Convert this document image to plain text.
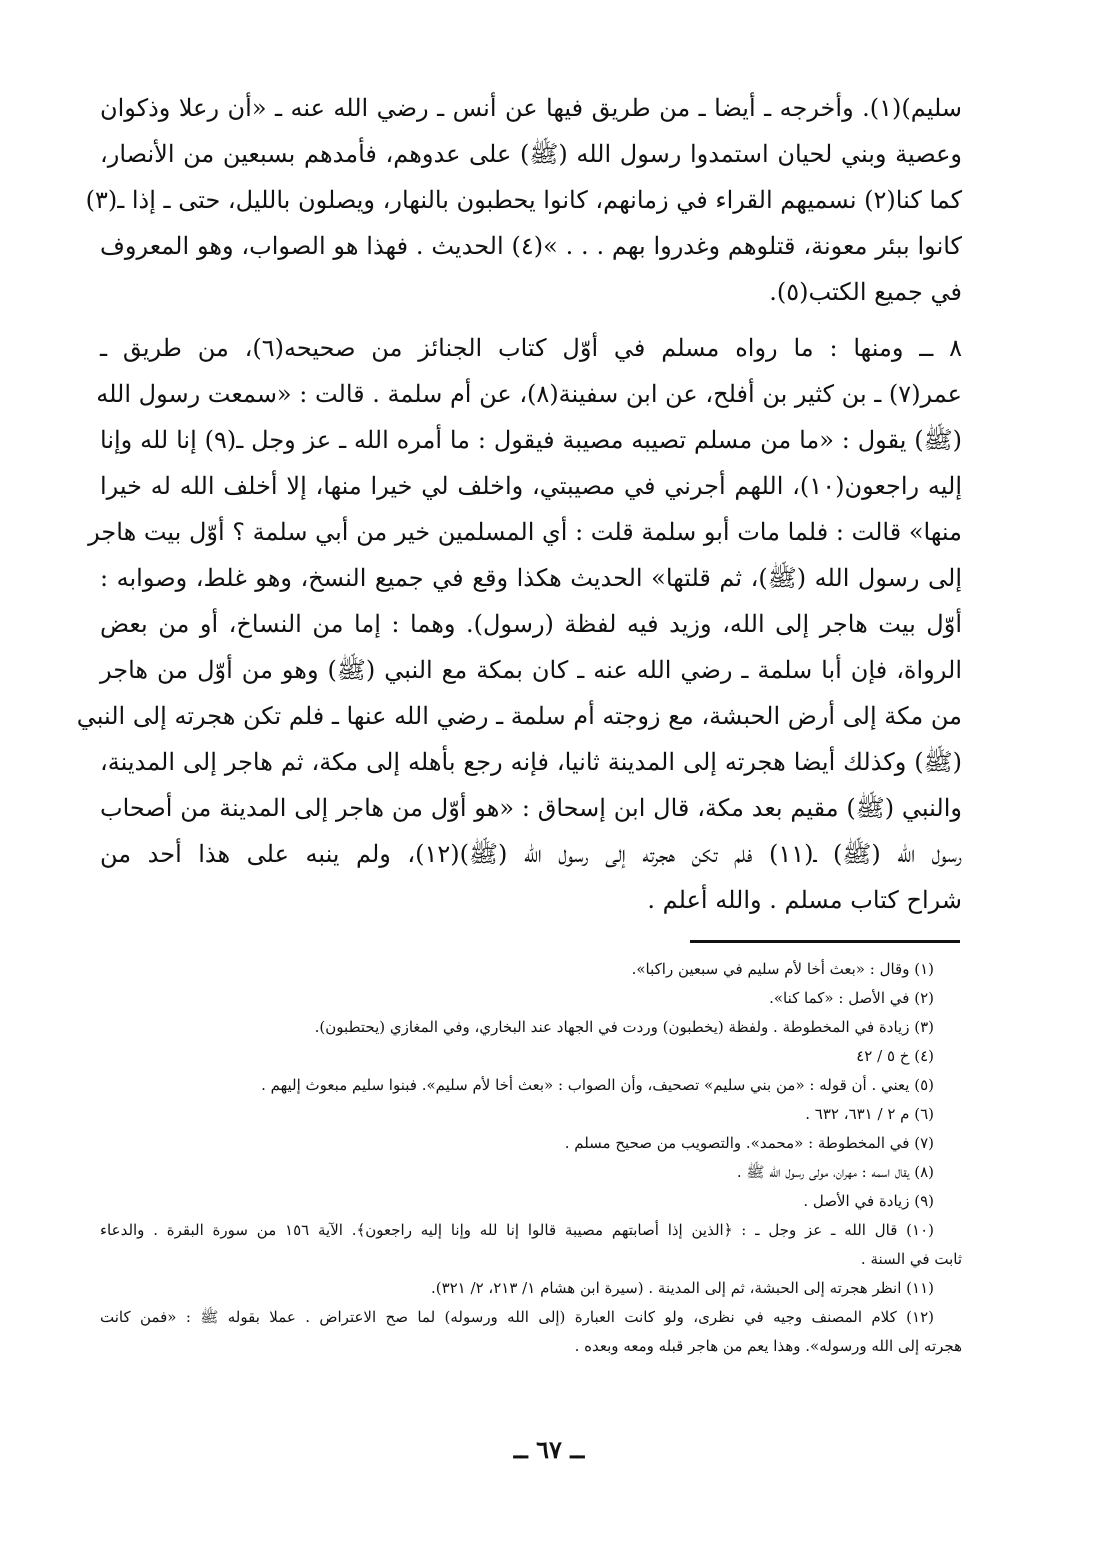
سليم)(١). وأخرجه ـ أيضا ـ من طريق فيها عن أنس ـ رضي الله عنه ـ «أن رعلا وذكوان
وعصية وبني لحيان استمدوا رسول الله (ﷺ) على عدوهم، فأمدهم بسبعين من الأنصار،
كما كنا(٢) نسميهم القراء في زمانهم، كانوا يحطبون بالنهار، ويصلون بالليل، حتى ـ إذا ـ(٣)
كانوا ببئر معونة، قتلوهم وغدروا بهم . . . »(٤) الحديث . فهذا هو الصواب، وهو المعروف
في جميع الكتب(٥).
٨ ــ ومنها : ما رواه مسلم في أوّل كتاب الجنائز من صحيحه(٦)، من طريق ـ
عمر(٧) ـ بن كثير بن أفلح، عن ابن سفينة(٨)، عن أم سلمة . قالت : «سمعت رسول الله
(ﷺ) يقول : «ما من مسلم تصيبه مصيبة فيقول : ما أمره الله ـ عز وجل ـ(٩) إنا لله وإنا
إليه راجعون(١٠)، اللهم أجرني في مصيبتي، واخلف لي خيرا منها، إلا أخلف الله له خيرا
منها» قالت : فلما مات أبو سلمة قلت : أي المسلمين خير من أبي سلمة ؟ أوّل بيت هاجر
إلى رسول الله (ﷺ)، ثم قلتها» الحديث هكذا وقع في جميع النسخ، وهو غلط، وصوابه :
أوّل بيت هاجر إلى الله، وزيد فيه لفظة (رسول). وهما : إما من النساخ، أو من بعض
الرواة، فإن أبا سلمة ـ رضي الله عنه ـ كان بمكة مع النبي (ﷺ) وهو من أوّل من هاجر
من مكة إلى أرض الحبشة، مع زوجته أم سلمة ـ رضي الله عنها ـ فلم تكن هجرته إلى النبي
(ﷺ) وكذلك أيضا هجرته إلى المدينة ثانيا، فإنه رجع بأهله إلى مكة، ثم هاجر إلى المدينة،
والنبي (ﷺ) مقيم بعد مكة، قال ابن إسحاق : «هو أوّل من هاجر إلى المدينة من أصحاب
رسول الله (ﷺ) ـ(١١) فلم تكن هجرته إلى رسول الله (ﷺ)(١٢)، ولم ينبه على هذا أحد من
شراح كتاب مسلم . والله أعلم .
(١) وقال : «بعث أخا لأم سليم في سبعين راكبا».
(٢) في الأصل : «كما كنا».
(٣) زيادة في المخطوطة . ولفظة (يخطبون) وردت في الجهاد عند البخاري، وفي المغازي (يحتطبون).
(٤) خ ٥ / ٤٢
(٥) يعني . أن قوله : «من بني سليم» تصحيف، وأن الصواب : «بعث أخا لأم سليم». فبنوا سليم مبعوث إليهم .
(٦) م ٢ / ٦٣١، ٦٣٢ .
(٧) في المخطوطة : «محمد». والتصويب من صحيح مسلم .
(٨) يقال اسمه : مهران، مولى رسول الله ﷺ .
(٩) زيادة في الأصل .
(١٠) قال الله ـ عز وجل ـ : ﴿الذين إذا أصابتهم مصيبة قالوا إنا لله وإنا إليه راجعون﴾. الآية ١٥٦ من سورة البقرة . والدعاء
ثابت في السنة .
(١١) انظر هجرته إلى الحبشة، ثم إلى المدينة . (سيرة ابن هشام ١/ ٢١٣، ٢/ ٣٢١).
(١٢) كلام المصنف وجيه في نظرى، ولو كانت العبارة (إلى الله ورسوله) لما صح الاعتراض . عملا بقوله ﷺ : «فمن كانت
هجرته إلى الله ورسوله». وهذا يعم من هاجر قبله ومعه وبعده .
ــ ٦٧ ــ
